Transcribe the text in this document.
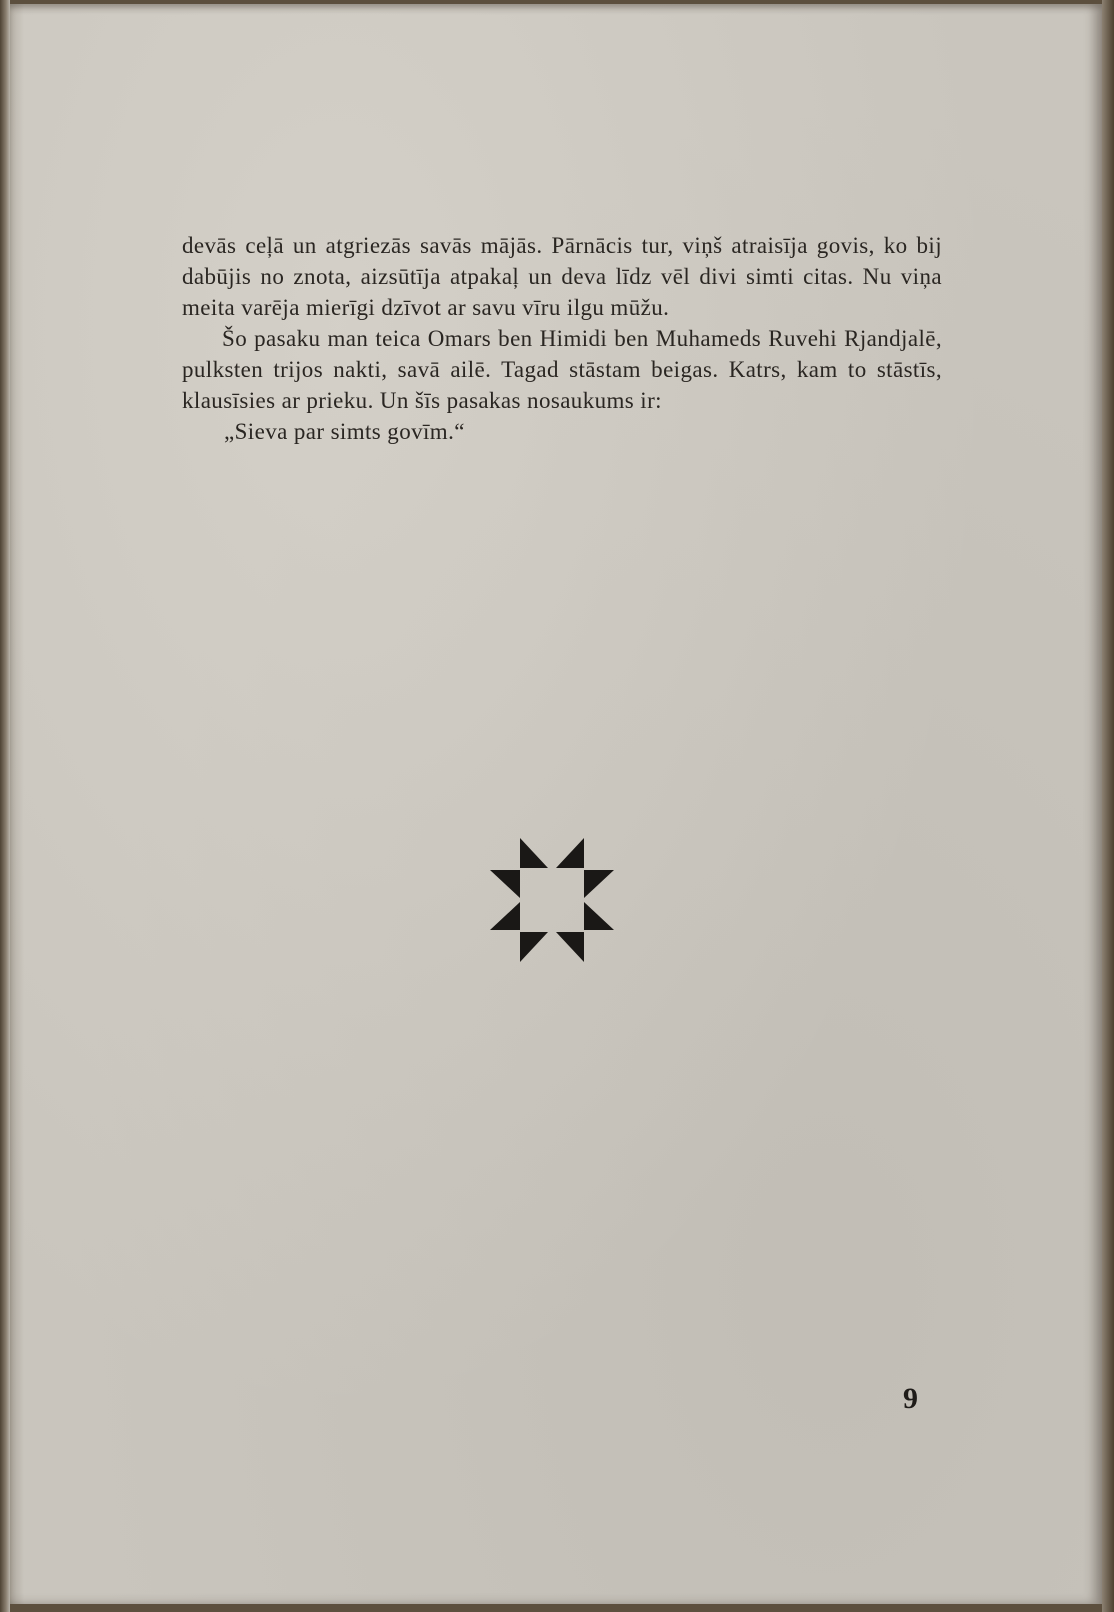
devās ceļā un atgriezās savās mājās. Pārnācis tur, viņš atraisīja govis, ko bij dabūjis no znota, aizsūtīja atpakaļ un deva līdz vēl divi simti citas. Nu viņa meita varēja mierīgi dzīvot ar savu vīru ilgu mūžu.

Šo pasaku man teica Omars ben Himidi ben Muhameds Ruvehi Rjandjalē, pulksten trijos nakti, savā ailē. Tagad stāstam beigas. Katrs, kam to stāstīs, klausīsies ar prieku. Un šīs pasakas nosaukums ir:

„Sieva par simts govīm.“

9
